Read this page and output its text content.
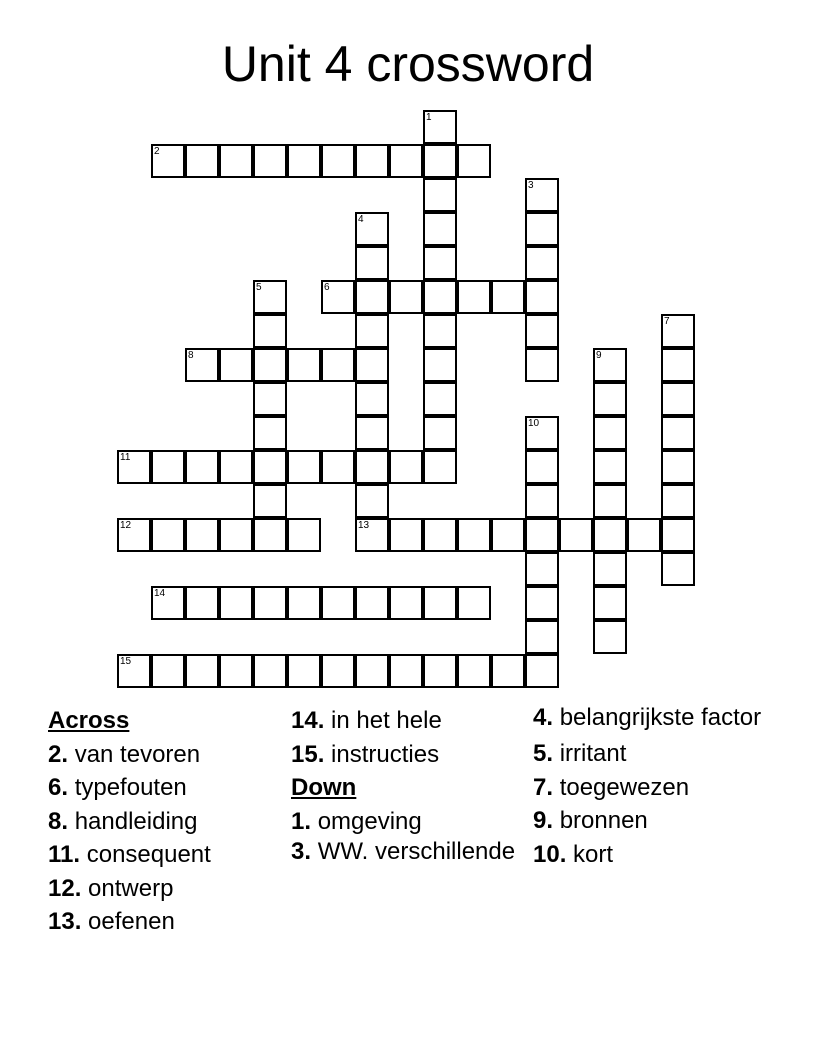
Unit 4 crossword
1
2
3
4
13
5	6
7
8	9
10
11
12
14
15
Across
2. van tevoren
6. typefouten
8. handleiding
11. consequent
12. ontwerp
13. oefenen
14. in het hele
15. instructies
Down
1. omgeving
3. WW. verschillende
4. belangrijkste factor
5. irritant
7. toegewezen
9. bronnen
10. kort
